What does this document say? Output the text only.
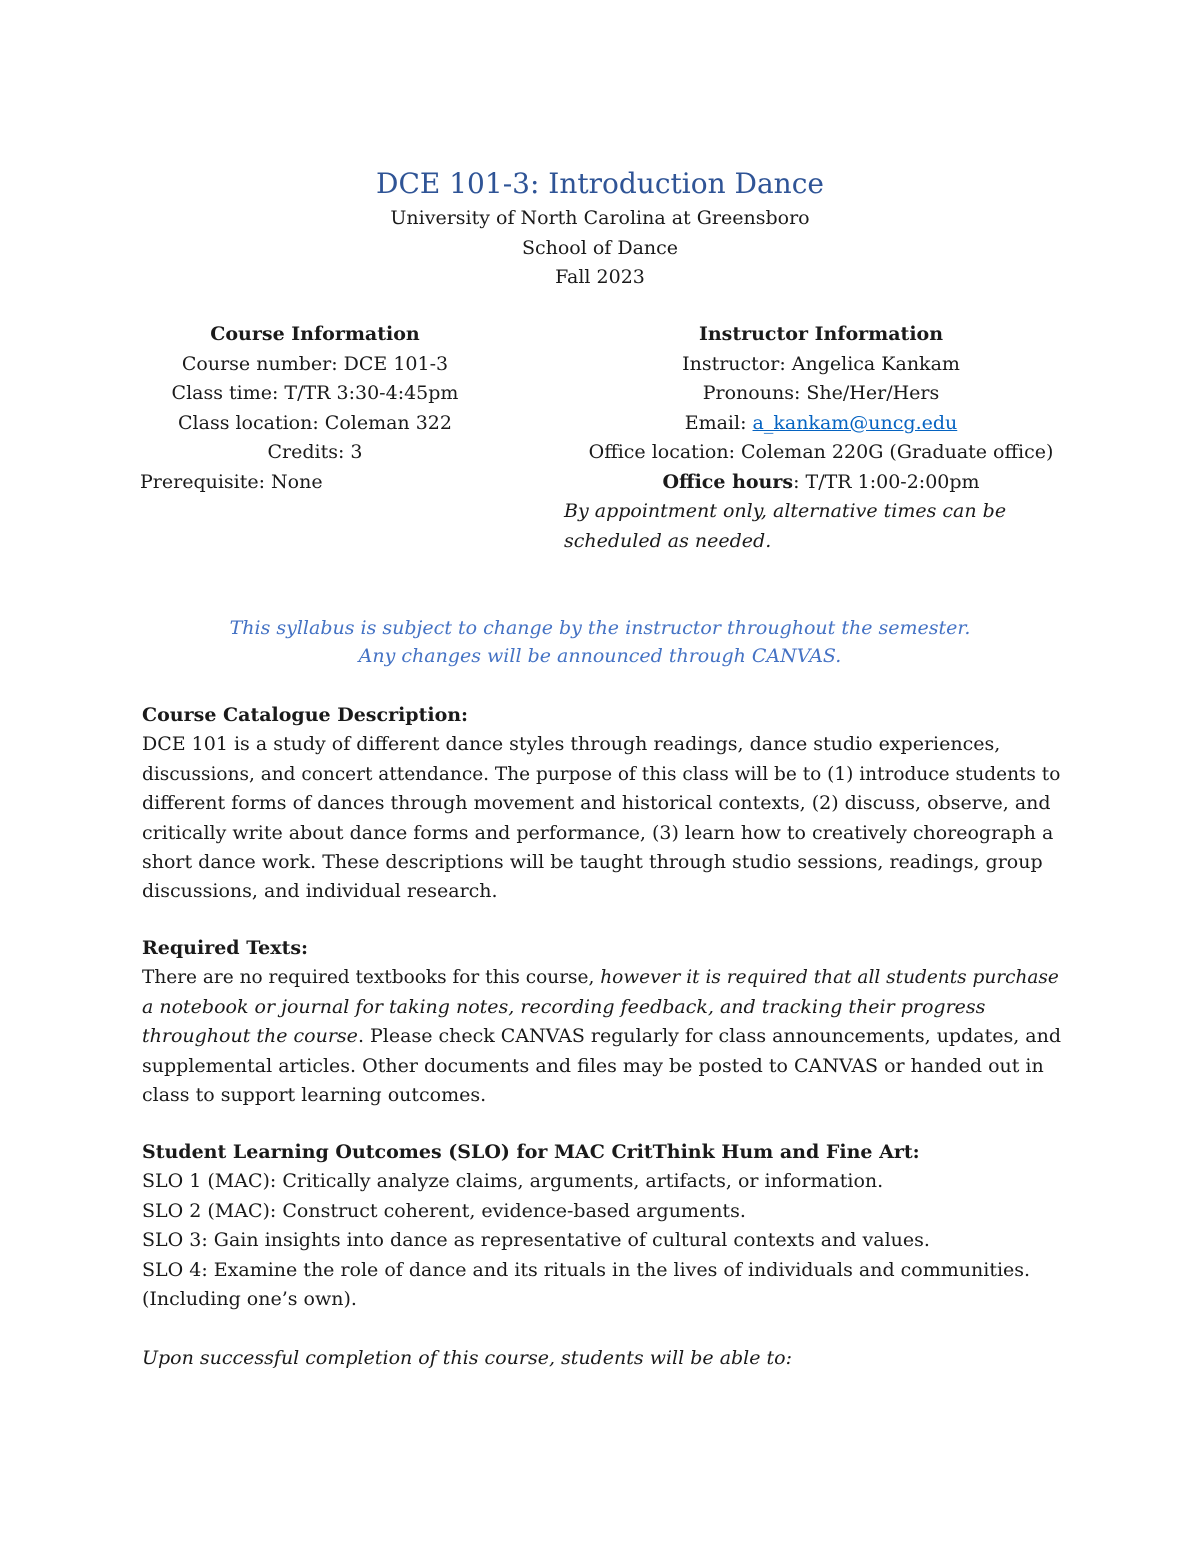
DCE 101-3: Introduction Dance
University of North Carolina at Greensboro
School of Dance
Fall 2023
Course Information
Course number: DCE 101-3
Class time: T/TR 3:30-4:45pm
Class location: Coleman 322
Credits: 3
Prerequisite: None
Instructor Information
Instructor: Angelica Kankam
Pronouns: She/Her/Hers
Email: a_kankam@uncg.edu
Office location: Coleman 220G (Graduate office)
Office hours: T/TR 1:00-2:00pm
By appointment only, alternative times can be
scheduled as needed.
This syllabus is subject to change by the instructor throughout the semester.
Any changes will be announced through CANVAS.
Course Catalogue Description:
DCE 101 is a study of different dance styles through readings, dance studio experiences,
discussions, and concert attendance. The purpose of this class will be to (1) introduce students to
different forms of dances through movement and historical contexts, (2) discuss, observe, and
critically write about dance forms and performance, (3) learn how to creatively choreograph a
short dance work. These descriptions will be taught through studio sessions, readings, group
discussions, and individual research.
Required Texts:
There are no required textbooks for this course, however it is required that all students purchase
a notebook or journal for taking notes, recording feedback, and tracking their progress
throughout the course. Please check CANVAS regularly for class announcements, updates, and
supplemental articles. Other documents and files may be posted to CANVAS or handed out in
class to support learning outcomes.
Student Learning Outcomes (SLO) for MAC CritThink Hum and Fine Art:
SLO 1 (MAC): Critically analyze claims, arguments, artifacts, or information.
SLO 2 (MAC): Construct coherent, evidence-based arguments.
SLO 3: Gain insights into dance as representative of cultural contexts and values.
SLO 4: Examine the role of dance and its rituals in the lives of individuals and communities.
(Including one’s own).
Upon successful completion of this course, students will be able to:
